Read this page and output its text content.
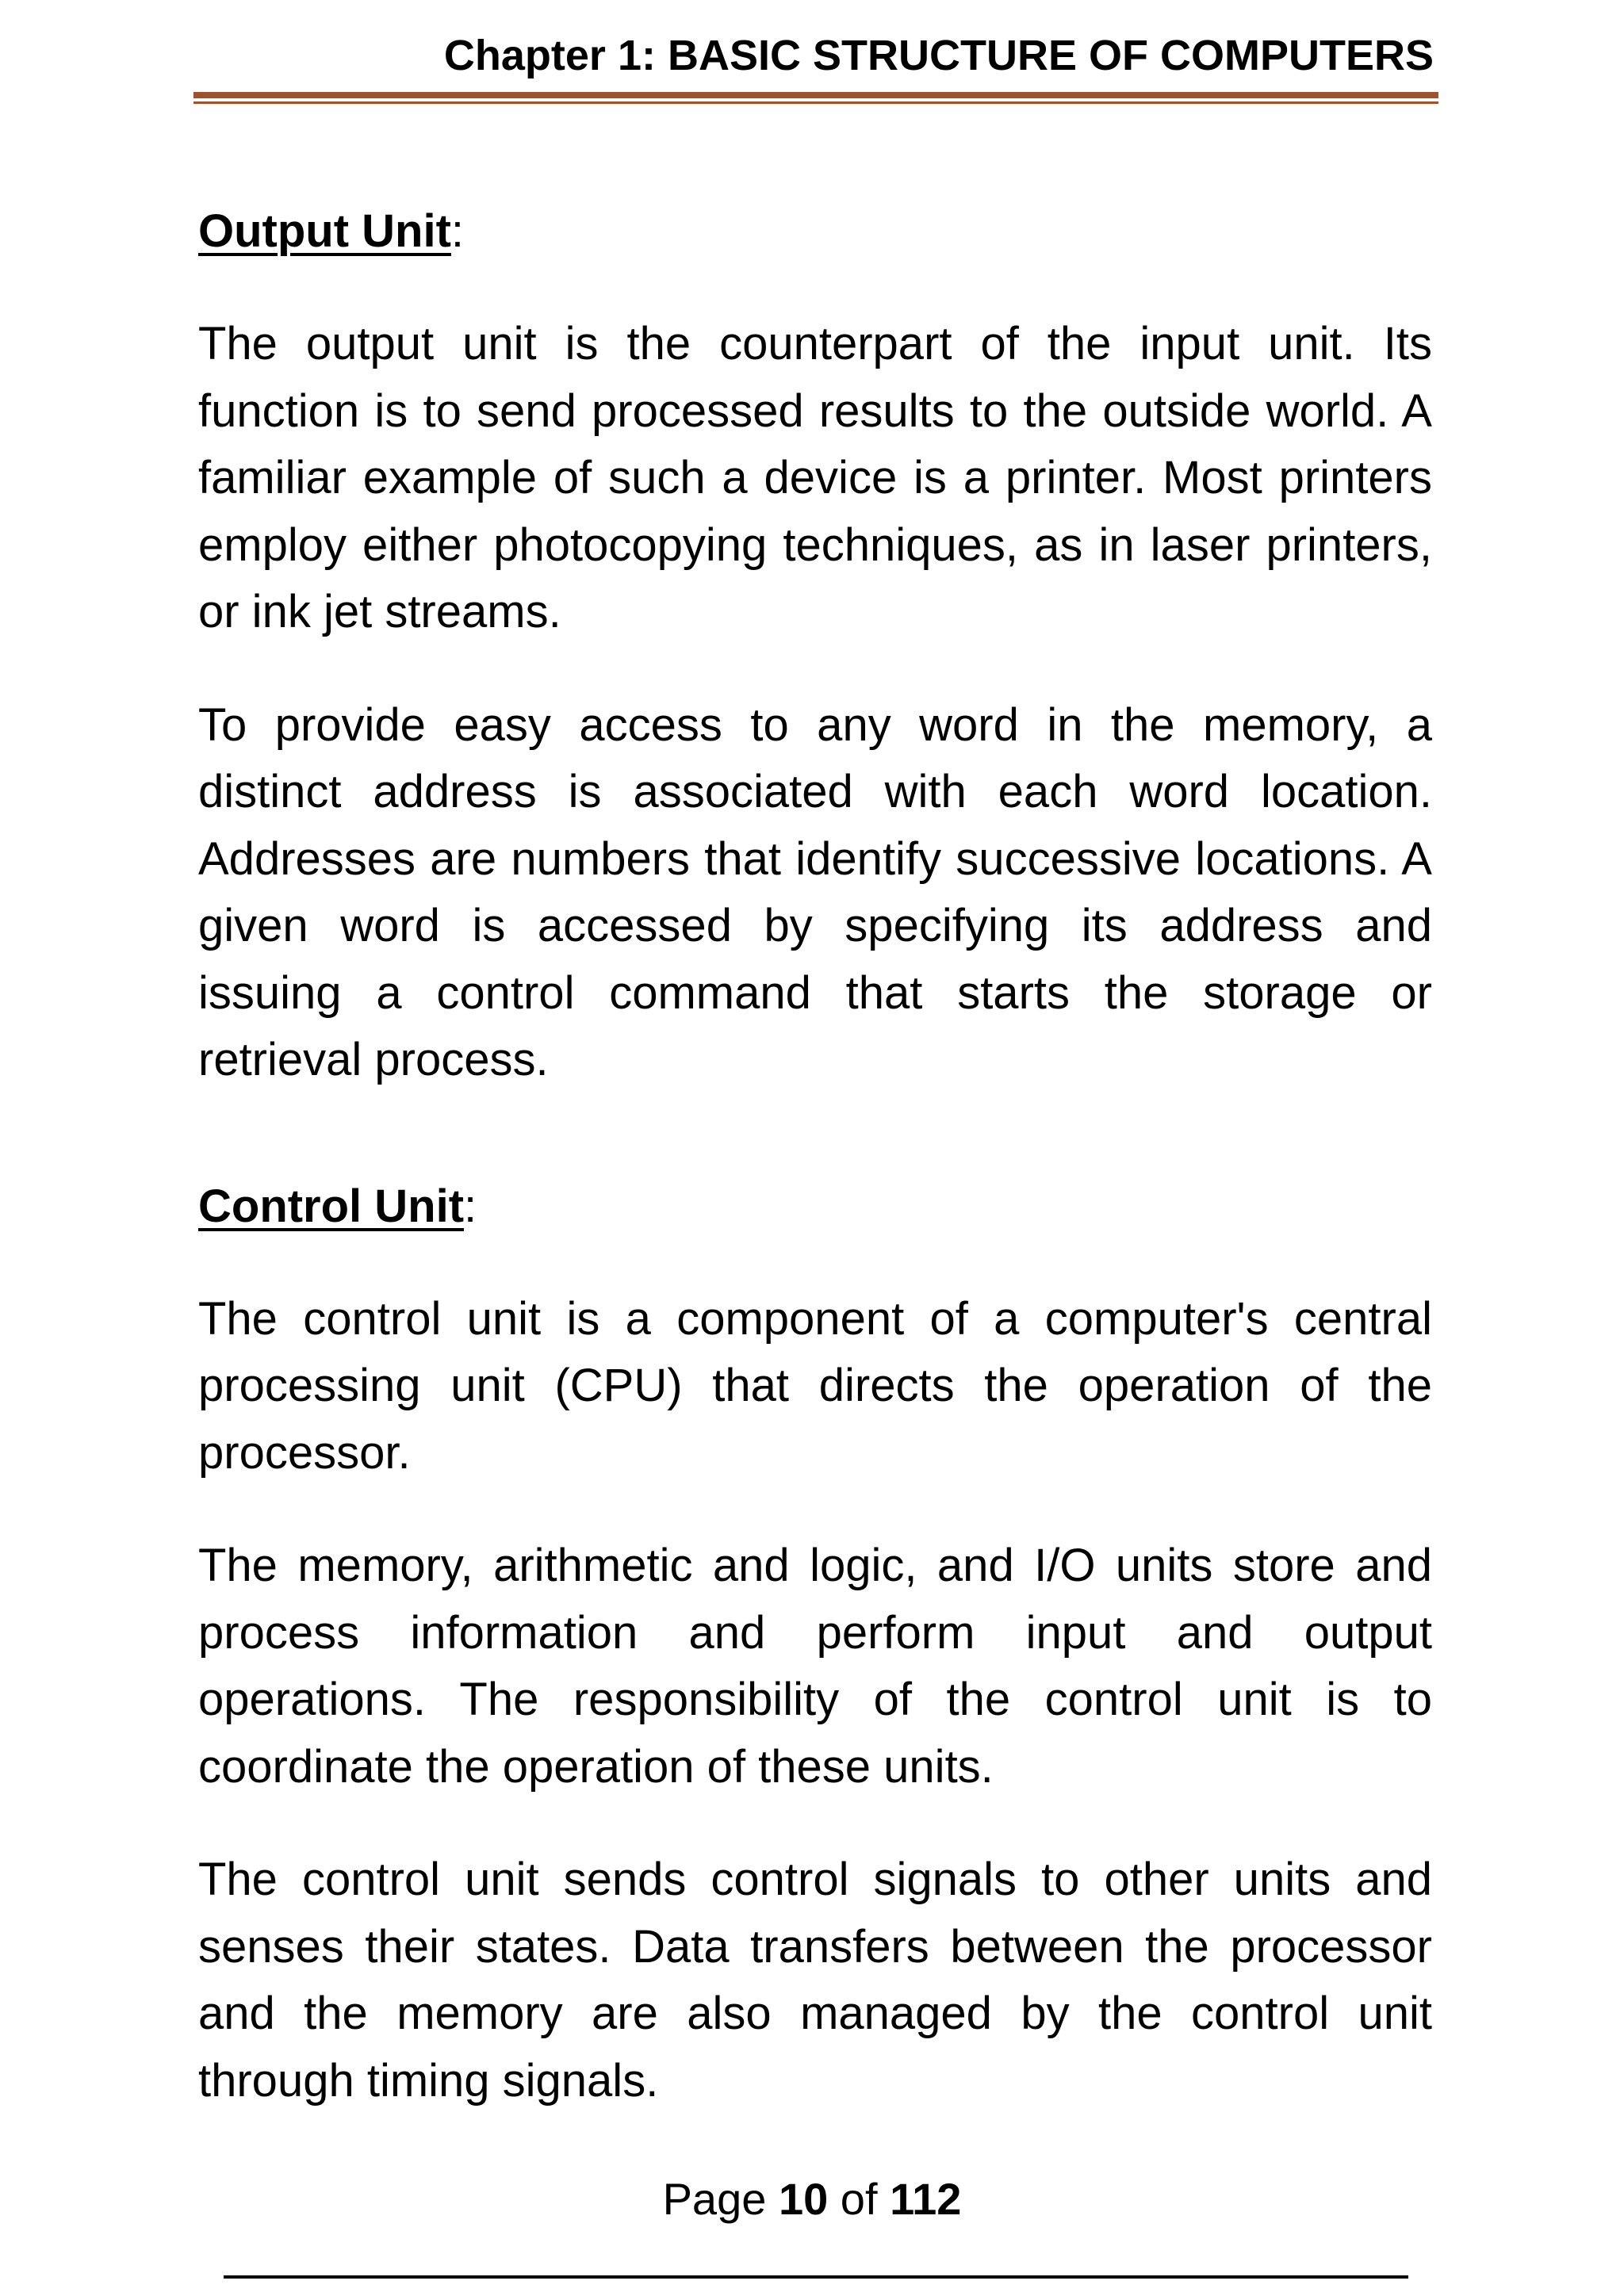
Chapter 1: BASIC STRUCTURE OF COMPUTERS
Output Unit:

The output unit is the counterpart of the input unit. Its function is to send processed results to the outside world. A familiar example of such a device is a printer. Most printers employ either photocopying techniques, as in laser printers, or ink jet streams.

To provide easy access to any word in the memory, a distinct address is associated with each word location. Addresses are numbers that identify successive locations. A given word is accessed by specifying its address and issuing a control command that starts the storage or retrieval process.

Control Unit:

The control unit is a component of a computer's central processing unit (CPU) that directs the operation of the processor.

The memory, arithmetic and logic, and I/O units store and process information and perform input and output operations. The responsibility of the control unit is to coordinate the operation of these units.

The control unit sends control signals to other units and senses their states. Data transfers between the processor and the memory are also managed by the control unit through timing signals.

Page 10 of 112
